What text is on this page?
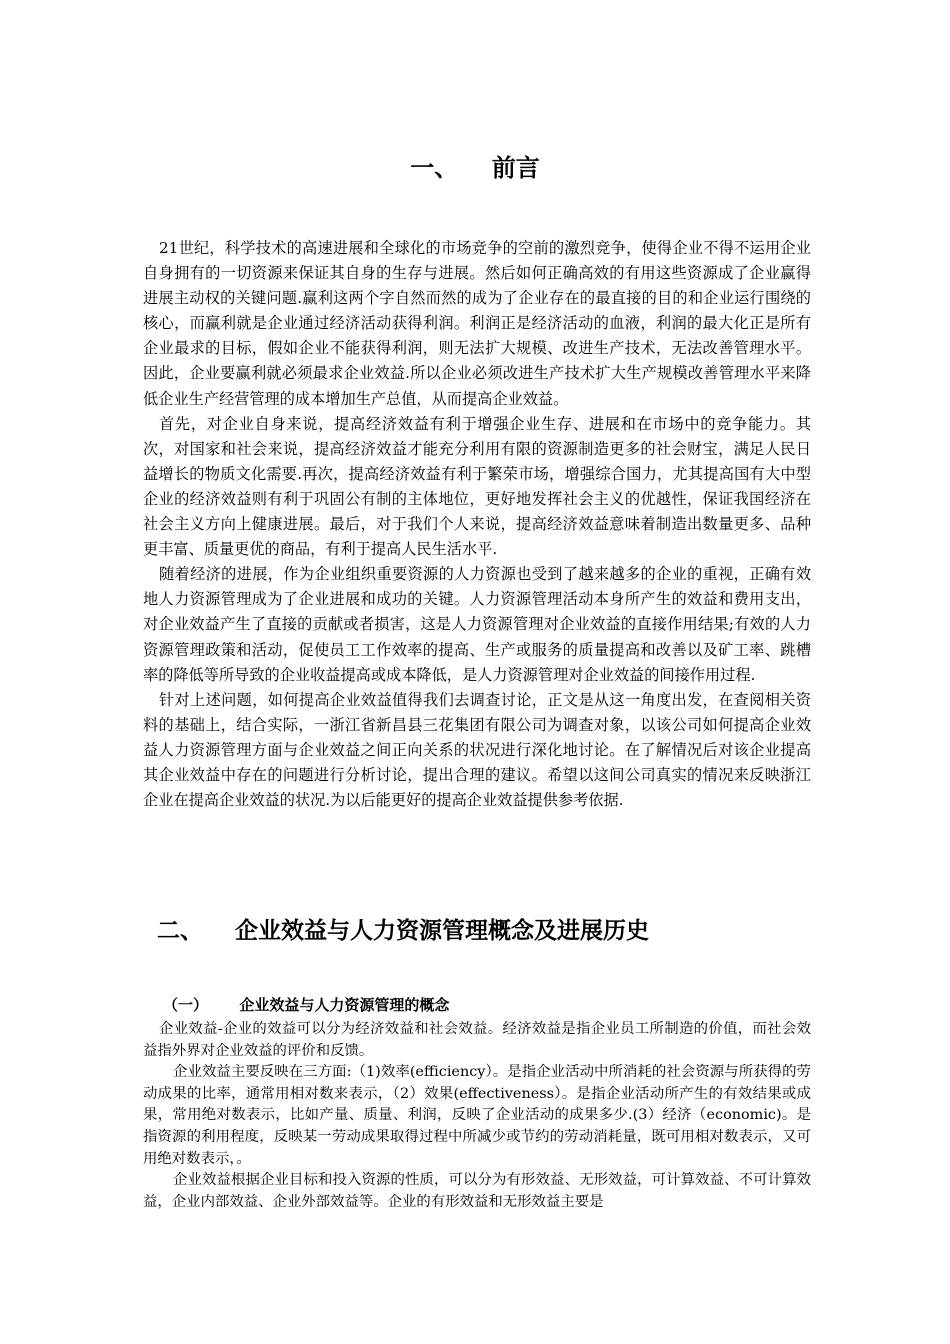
一、    前言

21世纪，科学技术的高速进展和全球化的市场竞争的空前的激烈竞争，使得企业不得不运用企业自身拥有的一切资源来保证其自身的生存与进展。然后如何正确高效的有用这些资源成了企业赢得进展主动权的关键问题.赢利这两个字自然而然的成为了企业存在的最直接的目的和企业运行围绕的核心，而赢利就是企业通过经济活动获得利润。利润正是经济活动的血液，利润的最大化正是所有企业最求的目标，假如企业不能获得利润，则无法扩大规模、改进生产技术，无法改善管理水平。因此，企业要赢利就必须最求企业效益.所以企业必须改进生产技术扩大生产规模改善管理水平来降低企业生产经营管理的成本增加生产总值，从而提高企业效益。

首先，对企业自身来说，提高经济效益有利于增强企业生存、进展和在市场中的竞争能力。其次，对国家和社会来说，提高经济效益才能充分利用有限的资源制造更多的社会财宝，满足人民日益增长的物质文化需要.再次，提高经济效益有利于繁荣市场，增强综合国力，尤其提高国有大中型企业的经济效益则有利于巩固公有制的主体地位，更好地发挥社会主义的优越性，保证我国经济在社会主义方向上健康进展。最后，对于我们个人来说，提高经济效益意味着制造出数量更多、品种更丰富、质量更优的商品，有利于提高人民生活水平.

随着经济的进展，作为企业组织重要资源的人力资源也受到了越来越多的企业的重视，正确有效地人力资源管理成为了企业进展和成功的关键。人力资源管理活动本身所产生的效益和费用支出，对企业效益产生了直接的贡献或者损害，这是人力资源管理对企业效益的直接作用结果;有效的人力资源管理政策和活动，促使员工工作效率的提高、生产或服务的质量提高和改善以及矿工率、跳槽率的降低等所导致的企业收益提高或成本降低，是人力资源管理对企业效益的间接作用过程.

针对上述问题，如何提高企业效益值得我们去调查讨论，正文是从这一角度出发，在查阅相关资料的基础上，结合实际，一浙江省新昌县三花集团有限公司为调查对象，以该公司如何提高企业效益人力资源管理方面与企业效益之间正向关系的状况进行深化地讨论。在了解情况后对该企业提高其企业效益中存在的问题进行分析讨论，提出合理的建议。希望以这间公司真实的情况来反映浙江企业在提高企业效益的状况.为以后能更好的提高企业效益提供参考依据.

二、    企业效益与人力资源管理概念及进展历史
（一）      企业效益与人力资源管理的概念

企业效益-企业的效益可以分为经济效益和社会效益。经济效益是指企业员工所制造的价值，而社会效益指外界对企业效益的评价和反馈。

企业效益主要反映在三方面:（1)效率(efficiency）。是指企业活动中所消耗的社会资源与所获得的劳动成果的比率，通常用相对数来表示，（2）效果(effectiveness）。是指企业活动所产生的有效结果或成果，常用绝对数表示，比如产量、质量、利润，反映了企业活动的成果多少.(3）经济（economic)。是指资源的利用程度，反映某一劳动成果取得过程中所减少或节约的劳动消耗量，既可用相对数表示，又可用绝对数表示，。

企业效益根据企业目标和投入资源的性质，可以分为有形效益、无形效益，可计算效益、不可计算效益，企业内部效益、企业外部效益等。企业的有形效益和无形效益主要是
